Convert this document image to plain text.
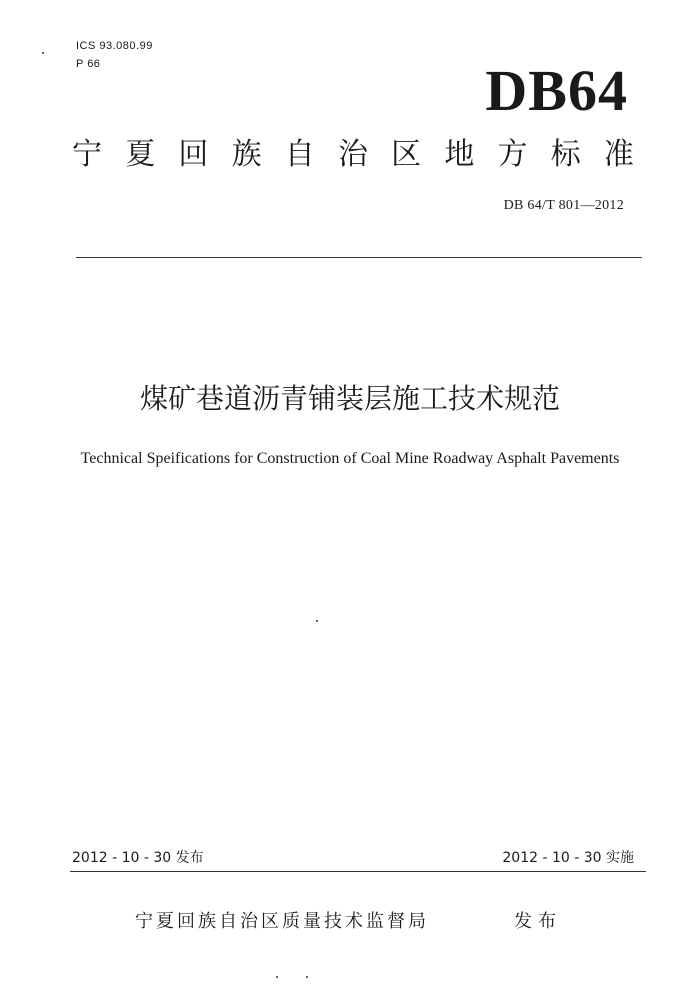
ICS 93.080.99
P 66	DB64
宁 夏 回 族 自 治 区 地 方 标 准
DB 64/T 801—2012
煤矿巷道沥青铺装层施工技术规范
Technical Speifications for Construction of Coal Mine Roadway Asphalt Pavements
2012 - 10 - 30 发布	2012 - 10 - 30 实施
宁夏回族自治区质量技术监督局	发布
